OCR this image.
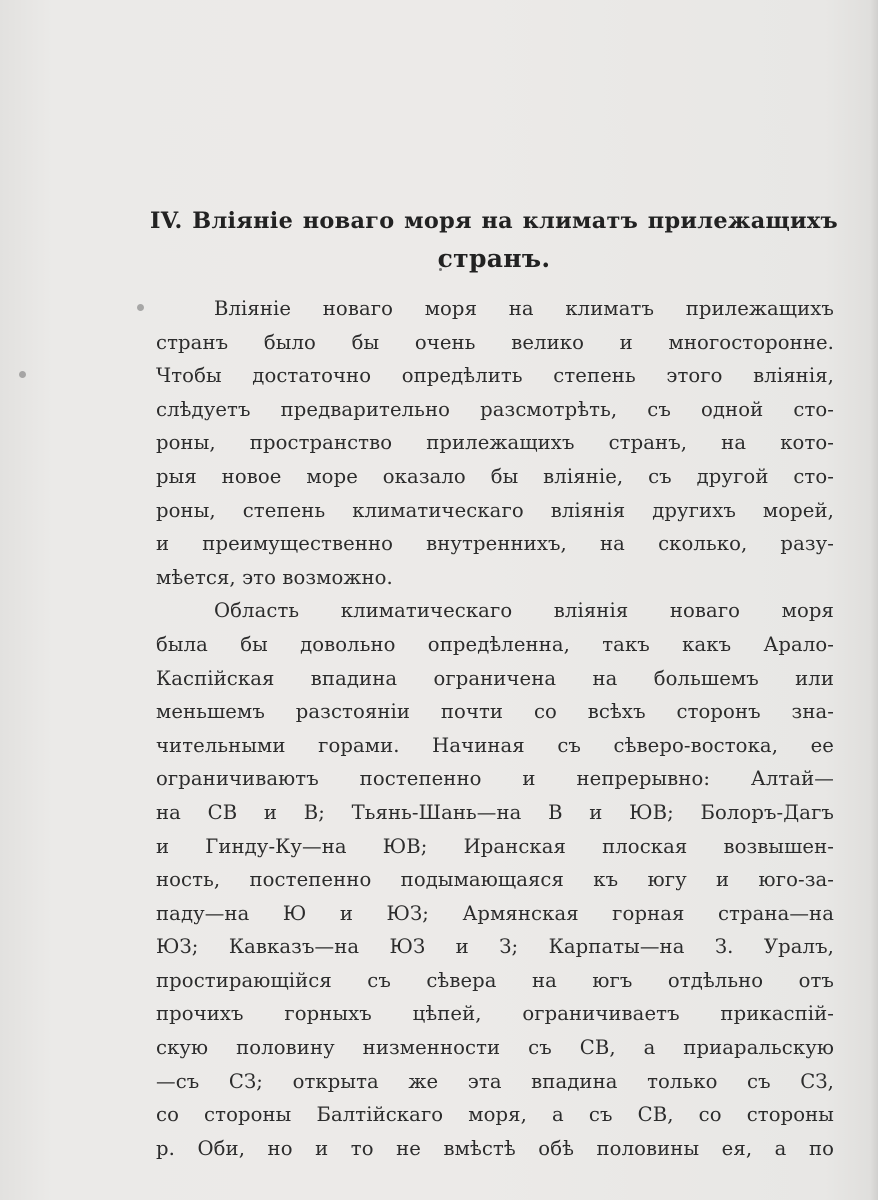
IV. Вліяніе новаго моря на климатъ прилежащихъ
странъ.
Вліяніе новаго моря на климатъ прилежащихъ
странъ было бы очень велико и многосторонне.
Чтобы достаточно опредѣлить степень этого вліянія,
слѣдуетъ предварительно разсмотрѣть, съ одной сто-
роны, пространство прилежащихъ странъ, на кото-
рыя новое море оказало бы вліяніе, съ другой сто-
роны, степень климатическаго вліянія другихъ морей,
и преимущественно внутреннихъ, на сколько, разу-
мѣется, это возможно.
Область климатическаго вліянія новаго моря
была бы довольно опредѣленна, такъ какъ Арало-
Каспійская впадина ограничена на большемъ или
меньшемъ разстояніи почти со всѣхъ сторонъ зна-
чительными горами. Начиная съ сѣверо-востока, ее
ограничиваютъ постепенно и непрерывно: Алтай—
на СВ и В; Тьянь-Шань—на В и ЮВ; Болоръ-Дагъ
и Гинду-Ку—на ЮВ; Иранская плоская возвышен-
ность, постепенно подымающаяся къ югу и юго-за-
паду—на Ю и ЮЗ; Армянская горная страна—на
ЮЗ; Кавказъ—на ЮЗ и З; Карпаты—на З. Уралъ,
простирающійся съ сѣвера на югъ отдѣльно отъ
прочихъ горныхъ цѣпей, ограничиваетъ прикаспій-
скую половину низменности съ СВ, а приаральскую
—съ СЗ; открыта же эта впадина только съ СЗ,
со стороны Балтійскаго моря, а съ СВ, со стороны
р. Оби, но и то не вмѣстѣ обѣ половины ея, а по
